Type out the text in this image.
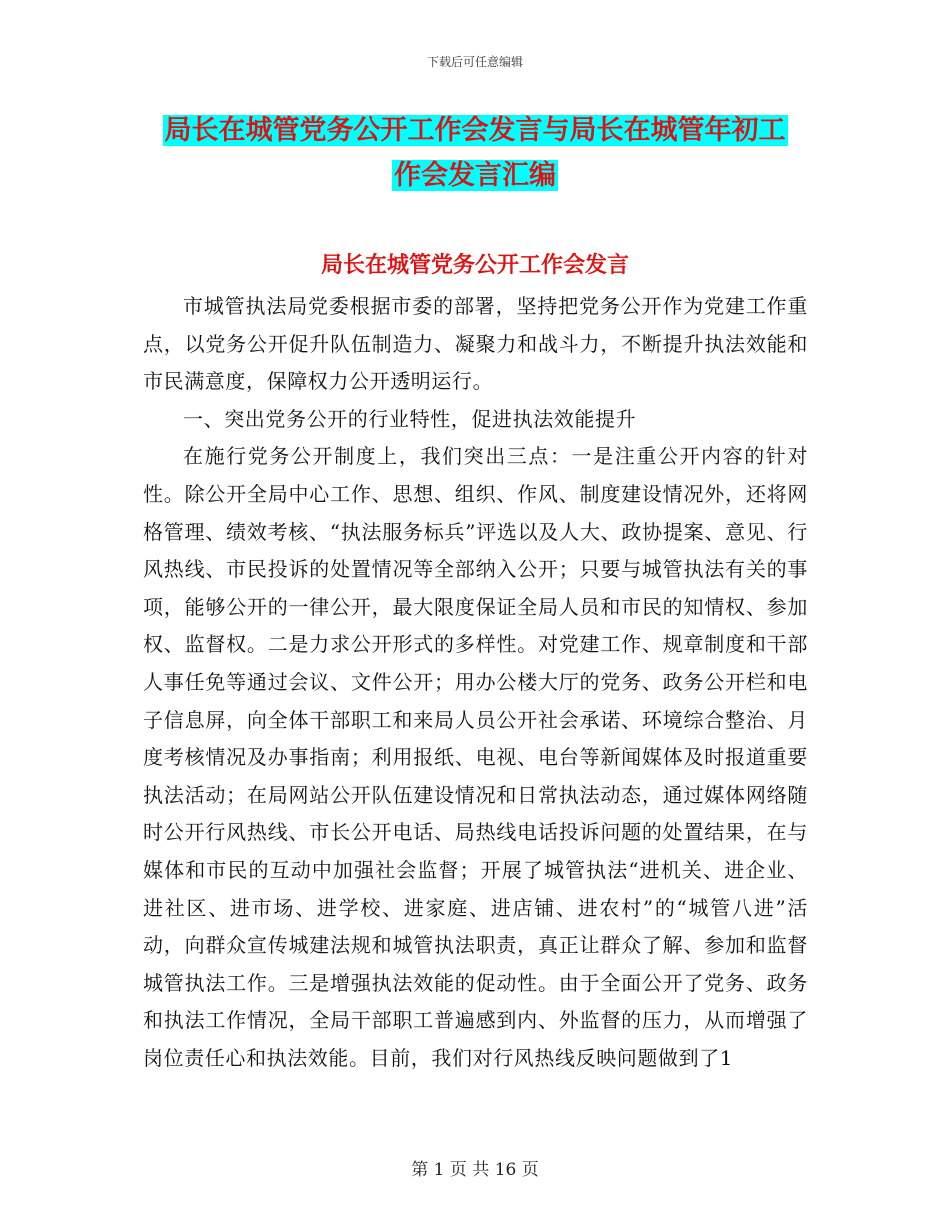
下载后可任意编辑
局长在城管党务公开工作会发言与局长在城管年初工
作会发言汇编
局长在城管党务公开工作会发言

市城管执法局党委根据市委的部署，坚持把党务公开作为党建工作重点，以党务公开促升队伍制造力、凝聚力和战斗力，不断提升执法效能和市民满意度，保障权力公开透明运行。

一、突出党务公开的行业特性，促进执法效能提升

在施行党务公开制度上，我们突出三点：一是注重公开内容的针对性。除公开全局中心工作、思想、组织、作风、制度建设情况外，还将网格管理、绩效考核、“执法服务标兵”评选以及人大、政协提案、意见、行风热线、市民投诉的处置情况等全部纳入公开；只要与城管执法有关的事项，能够公开的一律公开，最大限度保证全局人员和市民的知情权、参加权、监督权。二是力求公开形式的多样性。对党建工作、规章制度和干部人事任免等通过会议、文件公开；用办公楼大厅的党务、政务公开栏和电子信息屏，向全体干部职工和来局人员公开社会承诺、环境综合整治、月度考核情况及办事指南；利用报纸、电视、电台等新闻媒体及时报道重要执法活动；在局网站公开队伍建设情况和日常执法动态，通过媒体网络随时公开行风热线、市长公开电话、局热线电话投诉问题的处置结果，在与媒体和市民的互动中加强社会监督；开展了城管执法“进机关、进企业、进社区、进市场、进学校、进家庭、进店铺、进农村”的“城管八进”活动，向群众宣传城建法规和城管执法职责，真正让群众了解、参加和监督城管执法工作。三是增强执法效能的促动性。由于全面公开了党务、政务和执法工作情况，全局干部职工普遍感到内、外监督的压力，从而增强了岗位责任心和执法效能。目前，我们对行风热线反映问题做到了1

第 1 页 共 16 页
